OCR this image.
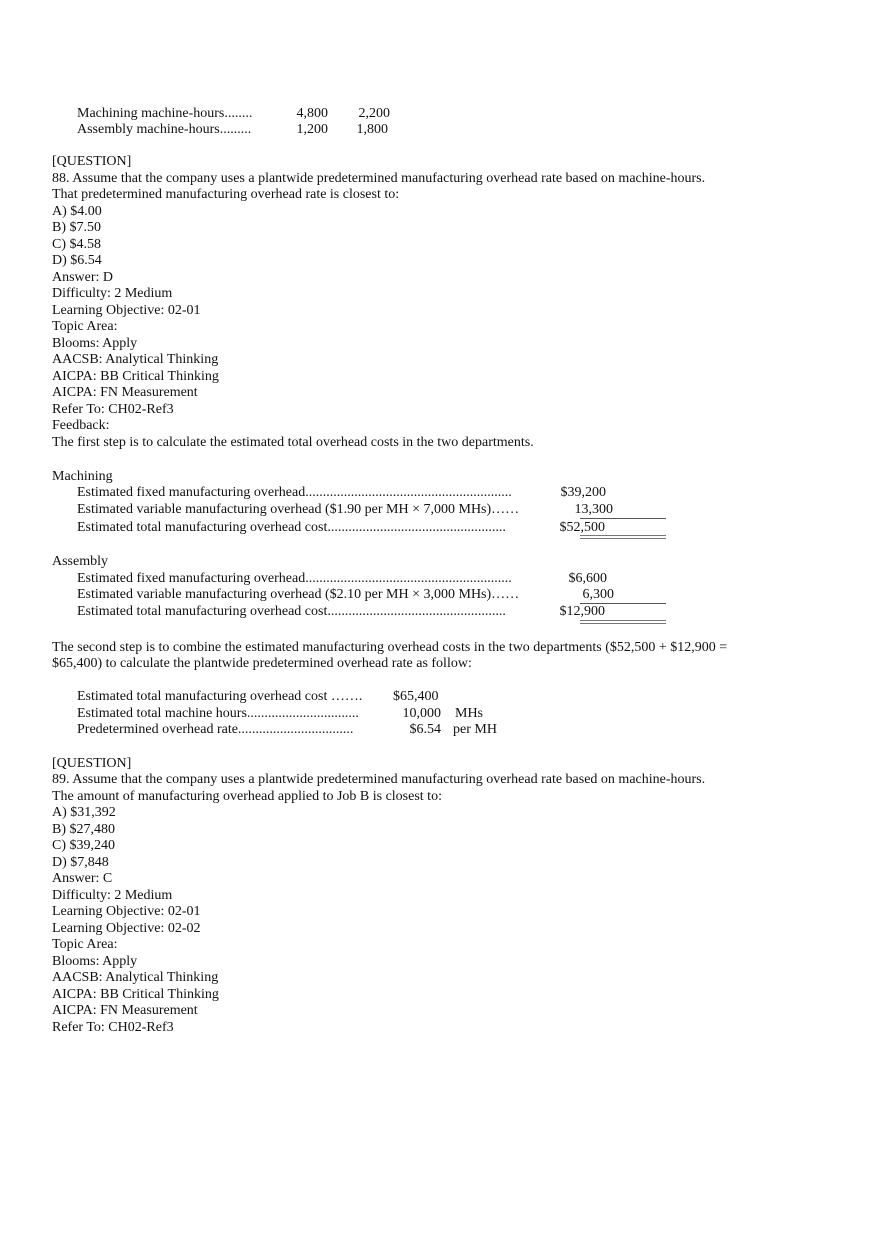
Machining machine-hours........	4,800	2,200
Assembly machine-hours.........	1,200	1,800
[QUESTION]
88. Assume that the company uses a plantwide predetermined manufacturing overhead rate based on machine-hours.
That predetermined manufacturing overhead rate is closest to:
A) $4.00
B) $7.50
C) $4.58
D) $6.54
Answer: D
Difficulty: 2 Medium
Learning Objective: 02-01
Topic Area:
Blooms: Apply
AACSB: Analytical Thinking
AICPA: BB Critical Thinking
AICPA: FN Measurement
Refer To: CH02-Ref3
Feedback:
The first step is to calculate the estimated total overhead costs in the two departments.
Machining
Estimated fixed manufacturing overhead...........................................................	$39,200
Estimated variable manufacturing overhead ($1.90 per MH × 7,000 MHs)……	13,300
Estimated total manufacturing overhead cost...................................................	$52,500
Assembly
Estimated fixed manufacturing overhead...........................................................	$6,600
Estimated variable manufacturing overhead ($2.10 per MH × 3,000 MHs)……	6,300
Estimated total manufacturing overhead cost...................................................	$12,900
The second step is to combine the estimated manufacturing overhead costs in the two departments ($52,500 + $12,900 =
$65,400) to calculate the plantwide predetermined overhead rate as follow:
Estimated total manufacturing overhead cost ……. $65,400
Estimated total machine hours................................	10,000 MHs
Predetermined overhead rate.................................	$6.54 per MH
[QUESTION]
89. Assume that the company uses a plantwide predetermined manufacturing overhead rate based on machine-hours.
The amount of manufacturing overhead applied to Job B is closest to:
A) $31,392
B) $27,480
C) $39,240
D) $7,848
Answer: C
Difficulty: 2 Medium
Learning Objective: 02-01
Learning Objective: 02-02
Topic Area:
Blooms: Apply
AACSB: Analytical Thinking
AICPA: BB Critical Thinking
AICPA: FN Measurement
Refer To: CH02-Ref3
